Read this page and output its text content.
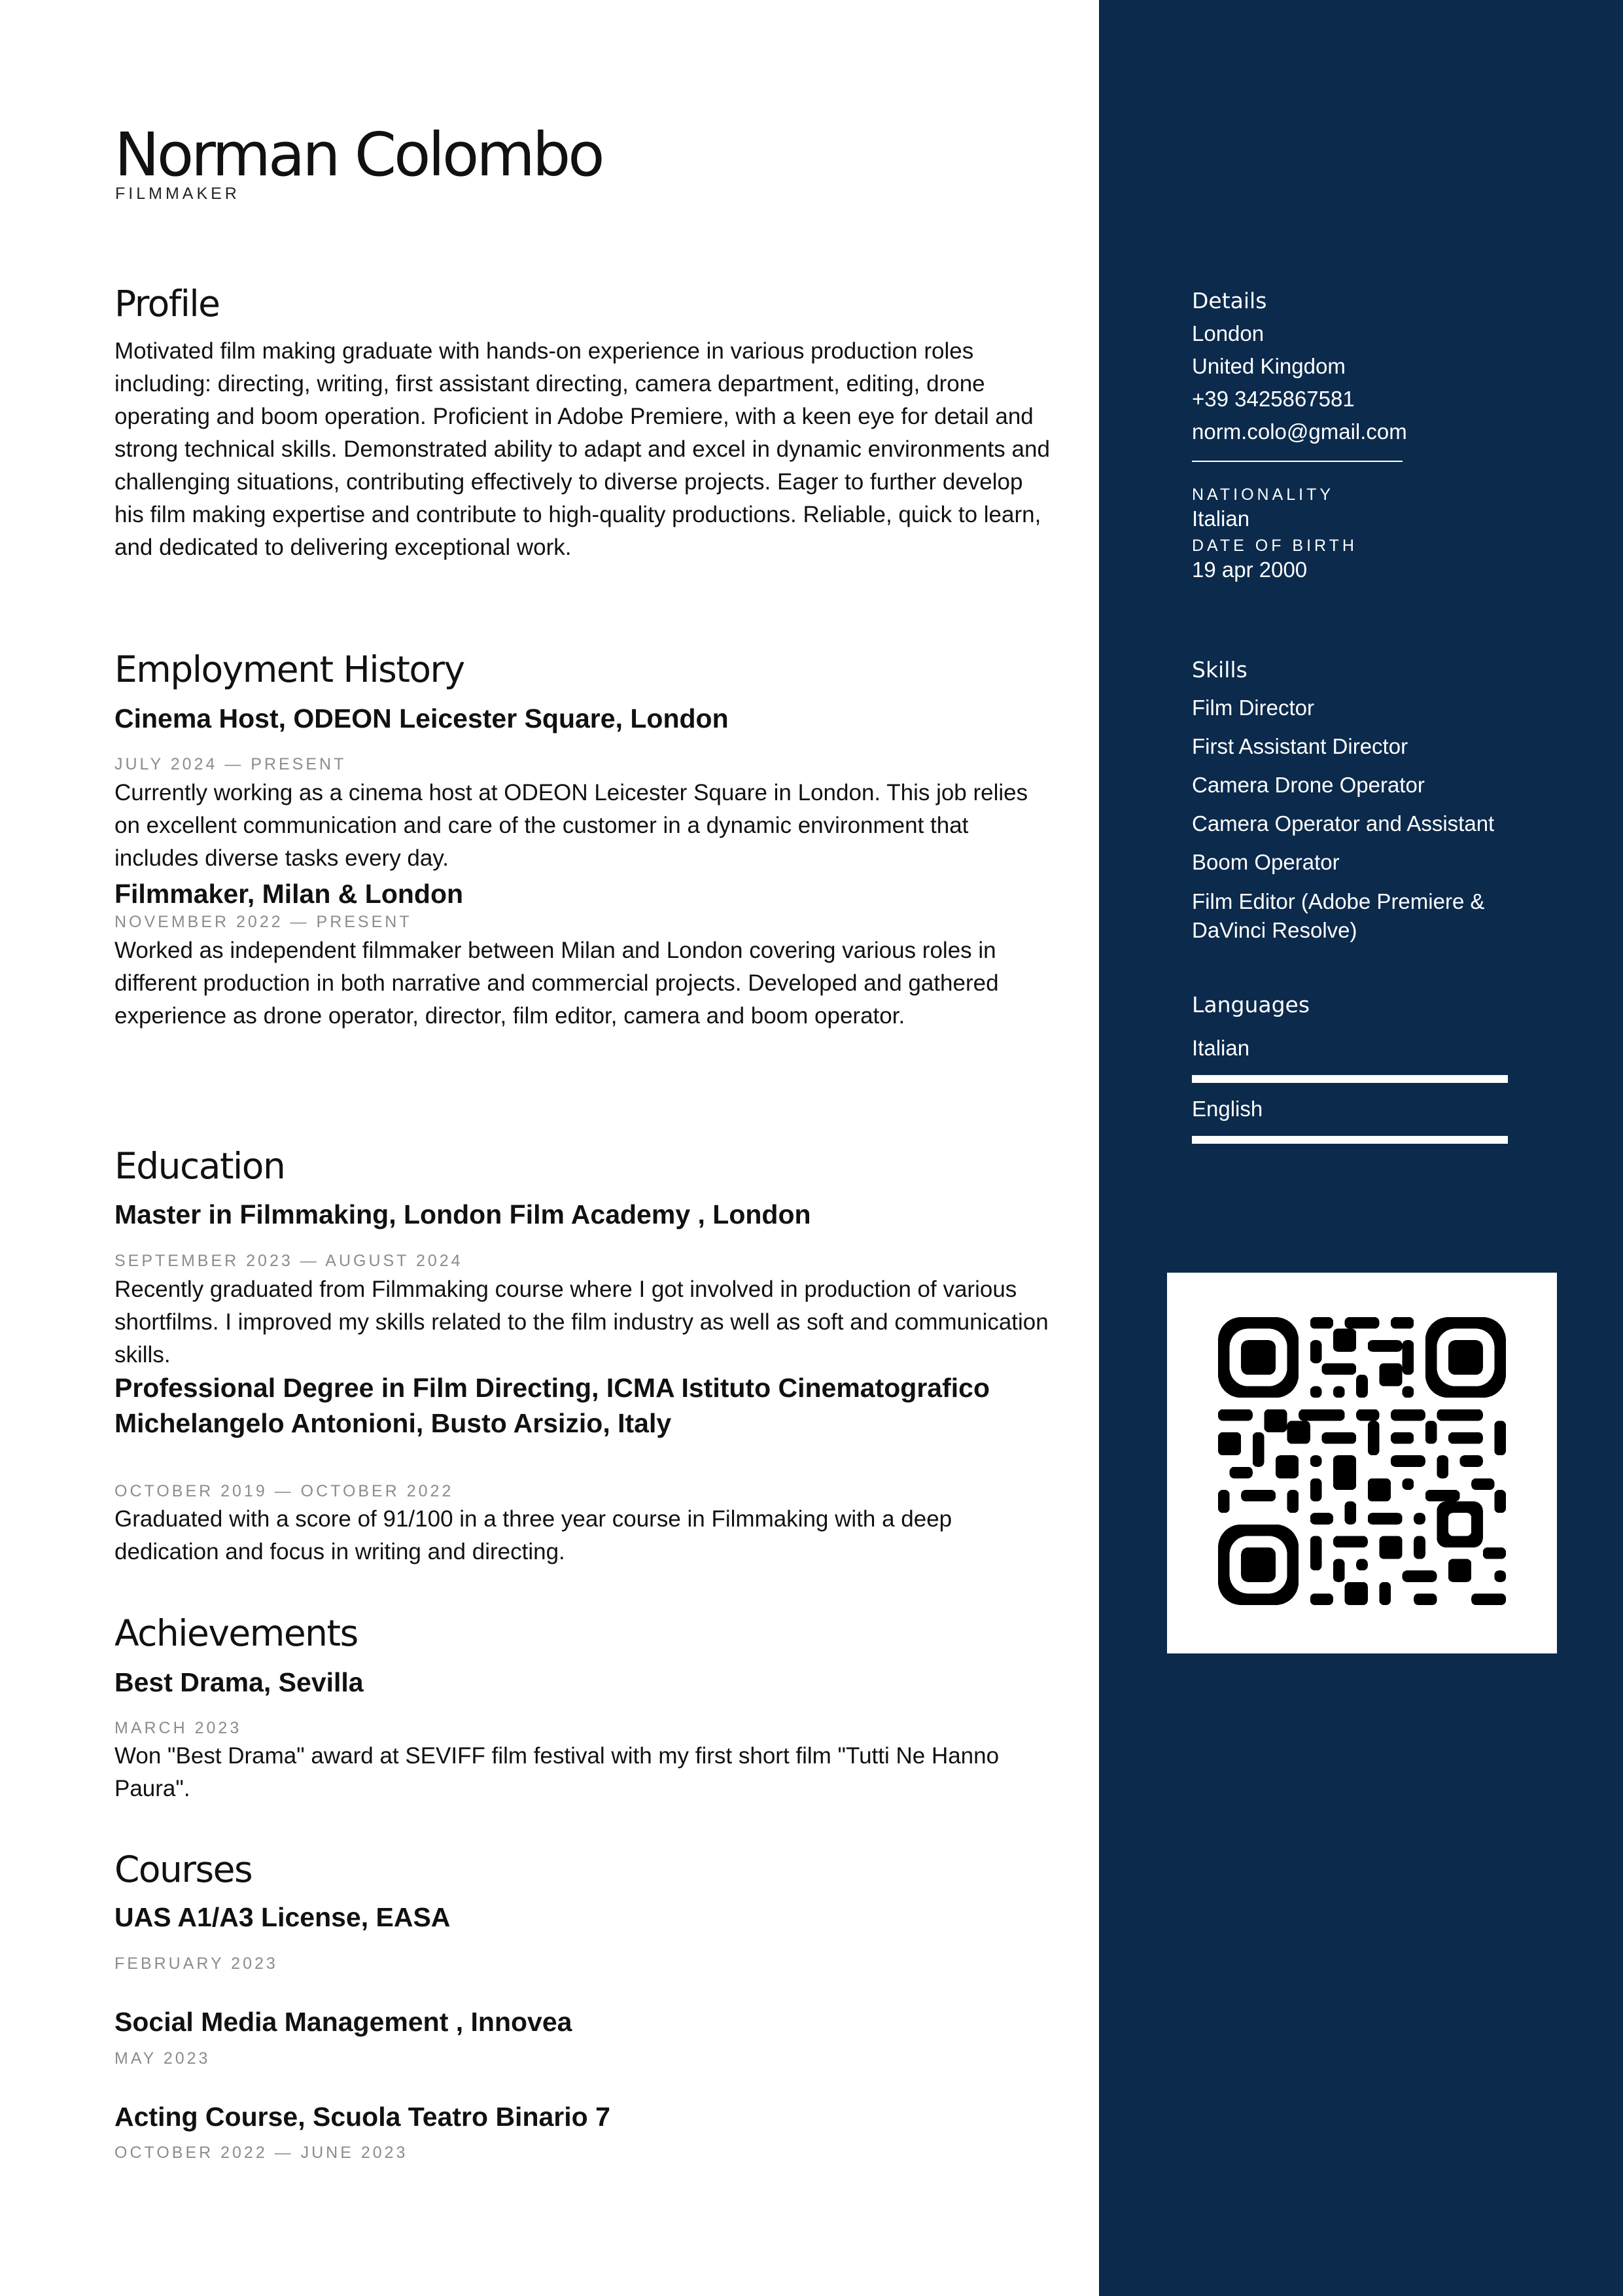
Norman Colombo
FILMMAKER
Profile

Motivated film making graduate with hands-on experience in various production roles including: directing, writing, first assistant directing, camera department, editing, drone operating and boom operation. Proficient in Adobe Premiere, with a keen eye for detail and strong technical skills. Demonstrated ability to adapt and excel in dynamic environments and challenging situations, contributing effectively to diverse projects. Eager to further develop his film making expertise and contribute to high-quality productions. Reliable, quick to learn, and dedicated to delivering exceptional work.

Employment History

Cinema Host, ODEON Leicester Square, London

JULY 2024 — PRESENT

Currently working as a cinema host at ODEON Leicester Square in London. This job relies on excellent communication and care of the customer in a dynamic environment that includes diverse tasks every day.

Filmmaker, Milan & London

NOVEMBER 2022 — PRESENT

Worked as independent filmmaker between Milan and London covering various roles in different production in both narrative and commercial projects. Developed and gathered experience as drone operator, director, film editor, camera and boom operator.

Education

Master in Filmmaking, London Film Academy , London

SEPTEMBER 2023 — AUGUST 2024

Recently graduated from Filmmaking course where I got involved in production of various shortfilms. I improved my skills related to the film industry as well as soft and communication skills.

Professional Degree in Film Directing, ICMA Istituto Cinematografico Michelangelo Antonioni, Busto Arsizio, Italy

OCTOBER 2019 — OCTOBER 2022

Graduated with a score of 91/100 in a three year course in Filmmaking with a deep dedication and focus in writing and directing.

Achievements

Best Drama, Sevilla

MARCH 2023

Won "Best Drama" award at SEVIFF film festival with my first short film "Tutti Ne Hanno Paura".

Courses

UAS A1/A3 License, EASA

FEBRUARY 2023

Social Media Management , Innovea

MAY 2023

Acting Course, Scuola Teatro Binario 7

OCTOBER 2022 — JUNE 2023

Details

London

United Kingdom

+39 3425867581

norm.colo@gmail.com

NATIONALITY

Italian

DATE OF BIRTH

19 apr 2000

Skills

Film Director

First Assistant Director

Camera Drone Operator

Camera Operator and Assistant

Boom Operator

Film Editor (Adobe Premiere & DaVinci Resolve)

Languages

Italian

English
